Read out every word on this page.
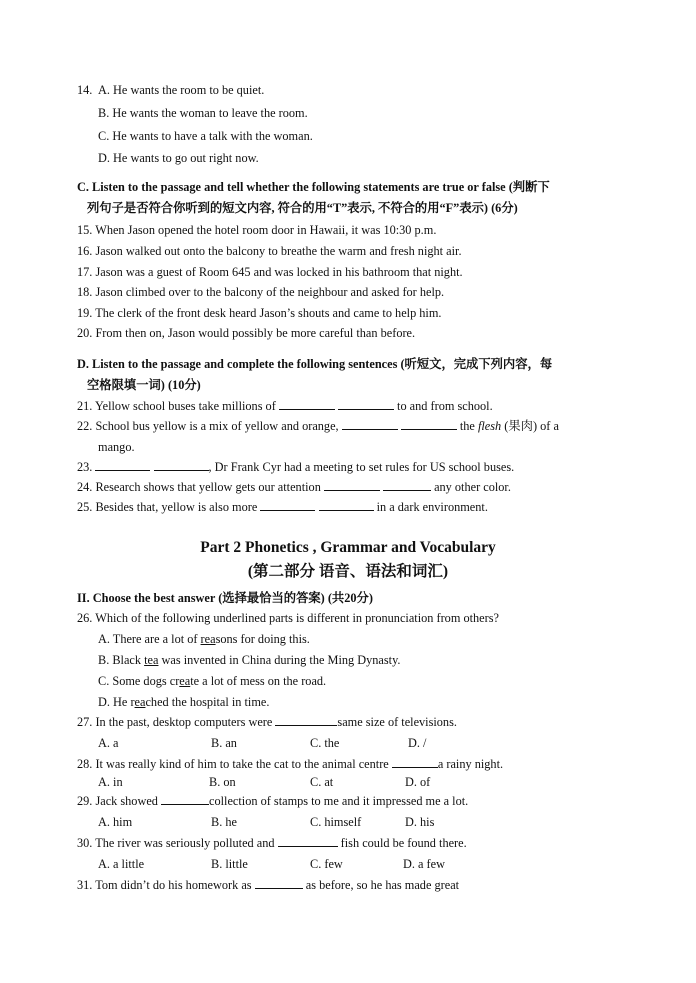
14. A. He wants the room to be quiet.
B. He wants the woman to leave the room.
C. He wants to have a talk with the woman.
D. He wants to go out right now.
C. Listen to the passage and tell whether the following statements are true or false (判断下
列句子是否符合你听到的短文内容, 符合的用“T”表示, 不符合的用“F”表示) (6分)
15. When Jason opened the hotel room door in Hawaii, it was 10:30 p.m.
16. Jason walked out onto the balcony to breathe the warm and fresh night air.
17. Jason was a guest of Room 645 and was locked in his bathroom that night.
18. Jason climbed over to the balcony of the neighbour and asked for help.
19. The clerk of the front desk heard Jason’s shouts and came to help him.
20. From then on, Jason would possibly be more careful than before.
D. Listen to the passage and complete the following sentences (听短文，完成下列内容，每
空格限填一词) (10分)
21. Yellow school buses take millions of	to and from school.
22. School bus yellow is a mix of yellow and orange,	the flesh (果肉) of a
mango.
23.	, Dr Frank Cyr had a meeting to set rules for US school buses.
24. Research shows that yellow gets our attention	any other color.
25. Besides that, yellow is also more	in a dark environment.
Part 2 Phonetics , Grammar and Vocabulary
(第二部分 语音、语法和词汇)
II. Choose the best answer (选择最恰当的答案) (共20分)
26. Which of the following underlined parts is different in pronunciation from others?
A. There are a lot of reasons for doing this.
B. Black tea was invented in China during the Ming Dynasty.
C. Some dogs create a lot of mess on the road.
D. He reached the hospital in time.
27. In the past, desktop computers were	same size of televisions.
A. a	B. an	C. the	D. /
28. It was really kind of him to take the cat to the animal centre	a rainy night.
A. in	B. on	C. at	D. of
29. Jack showed	collection of stamps to me and it impressed me a lot.
A. him	B. he	C. himself	D. his
30. The river was seriously polluted and	fish could be found there.
A. a little	B. little	C. few	D. a few
31. Tom didn’t do his homework as	as before, so he has made great
